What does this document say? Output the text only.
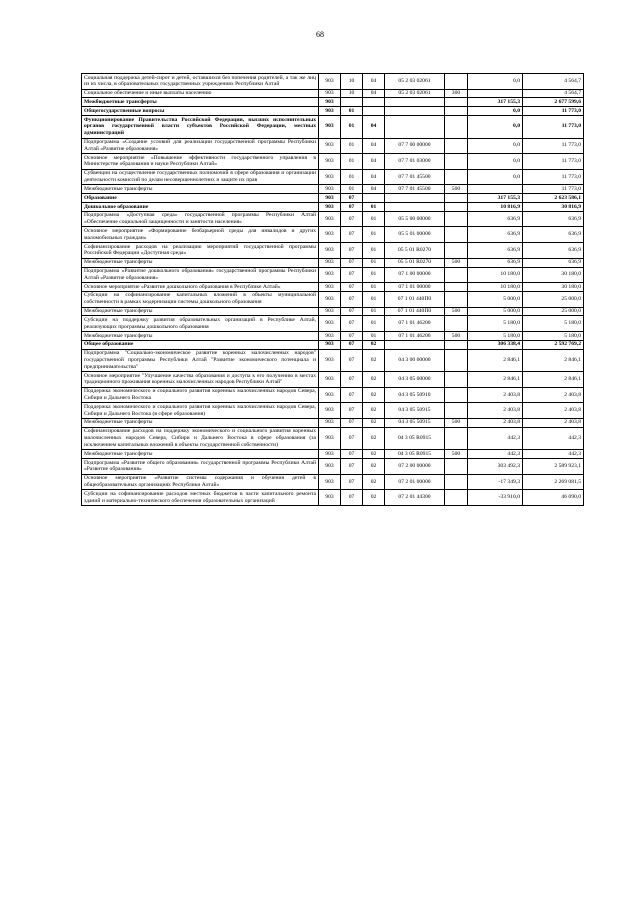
68
Социальная поддержка детей-сирот и детей, оставшихся без попечения родителей, а так же лиц из их числа, в образовательных государственных учреждениях Республики Алтай	903	10	04	05 2 03 02061		0,0	4 564,7
Социальное обеспечение и иные выплаты населению	903	10	04	05 2 03 02061	300		4 564,7
Межбюджетные трансферты	903					317 155,3	2 677 599,6
Общегосударственные вопросы	903	01				0,0	11 773,0
Функционирование Правительства Российской Федерации, высших исполнительных органов государственной власти субъектов Российской Федерации, местных администраций	903	01	04			0,0	11 773,0
Подпрограмма «Создание условий для реализации государственной программы Республики Алтай «Развитие образования»	903	01	04	07 7 00 00000		0,0	11 773,0
Основное мероприятие «Повышение эффективности государственного управления в Министерстве образования и науки Республики Алтай»	903	01	04	07 7 01 03000		0,0	11 773,0
Субвенции на осуществление государственных полномочий в сфере образования и организации деятельности комиссий по делам несовершеннолетних и защите их прав	903	01	04	07 7 01 45500		0,0	11 773,0
Межбюджетные трансферты	903	01	04	07 7 01 45500	500		11 773,0
Образование	903	07				317 155,3	2 623 586,1
Дошкольное образование	903	07	01			10 816,9	30 816,9
Подпрограмма «Доступная среда» государственной программы Республики Алтай «Обеспечение социальной защищенности и занятости населения»	903	07	01	05 5 00 00000		636,9	636,9
Основное мероприятие «Формирование безбарьерной среды для инвалидов и других маломобильных граждан»	903	07	01	05 5 01 00000		636,9	636,9
Софинансирование расходов на реализацию мероприятий государственной программы Российской Федерации «Доступная среда»	903	07	01	05 5 01 R0270		636,9	636,9
Межбюджетные трансферты	903	07	01	05 5 01 R0270	500	636,9	636,9
Подпрограмма «Развитие дошкольного образования» государственной программы Республики Алтай «Развитие образования»	903	07	01	07 1 00 00000		10 180,0	30 180,0
Основное мероприятие «Развитие дошкольного образования в Республике Алтай»	903	07	01	07 1 01 00000		10 180,0	30 180,0
Субсидии на софинансирование капитальных вложений в объекты муниципальной собственности в рамках модернизации системы дошкольного образования	903	07	01	07 1 01 440П0		5 000,0	25 000,0
Межбюджетные трансферты	903	07	01	07 1 01 440П0	500	5 000,0	25 000,0
Субсидии на поддержку развития образовательных организаций в Республике Алтай, реализующих программы дошкольного образования	903	07	01	07 1 01 46200		5 180,0	5 180,0
Межбюджетные трансферты	903	07	01	07 1 01 46200	500	5 180,0	5 180,0
Общее образование	903	07	02			306 338,4	2 592 769,2
Подпрограмма "Социально-экономическое развитие коренных малочисленных народов" государственной программы Республики Алтай "Развитие экономического потенциала и предпринимательства"	903	07	02	04 3 00 00000		2 846,1	2 846,1
Основное мероприятие "Улучшение качества образования и доступа к его получению в местах традиционного проживания коренных малочисленных народов Республики Алтай"	903	07	02	04 3 05 00000		2 846,1	2 846,1
Поддержка экономического и социального развития коренных малочисленных народов Севера, Сибири и Дальнего Востока	903	07	02	04 3 05 50910		2 403,8	2 403,8
Поддержка экономического и социального развития коренных малочисленных народов Севера, Сибири и Дальнего Востока (в сфере образования)	903	07	02	04 3 05 50915		2 403,8	2 403,8
Межбюджетные трансферты	903	07	02	04 3 05 50915	500	2 403,8	2 403,8
Софинансирование расходов на поддержку экономического и социального развития коренных малочисленных народов Севера, Сибири и Дальнего Востока в сфере образования (за исключением капитальных вложений в объекты государственной собственности)	903	07	02	04 3 05 R0915		442,3	442,3
Межбюджетные трансферты	903	07	02	04 3 05 R0915	500	442,3	442,3
Подпрограмма «Развитие общего образования» государственной программы Республики Алтай «Развитие образования»	903	07	02	07 2 00 00000		303 492,3	2 589 923,1
Основное мероприятие «Развитие системы содержания и обучения детей в общеобразовательных организациях Республики Алтай»	903	07	02	07 2 01 00000		-17 349,3	2 269 081,5
Субсидии на софинансирование расходов местных бюджетов в части капитального ремонта зданий и материально-технического обеспечения образовательных организаций	903	07	02	07 2 01 44300		-33 910,0	46 090,0
